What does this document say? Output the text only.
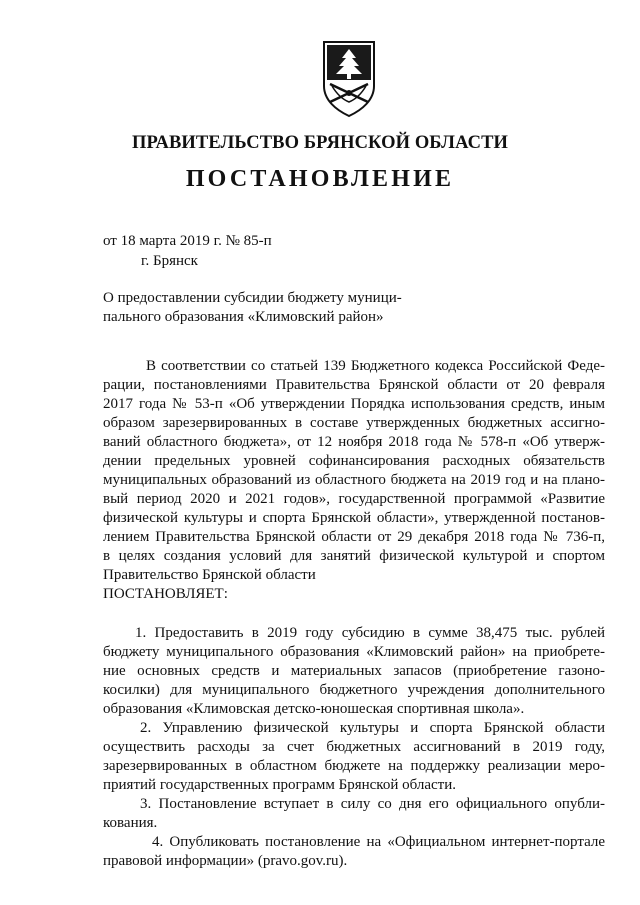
ПРАВИТЕЛЬСТВО БРЯНСКОЙ ОБЛАСТИ
ПОСТАНОВЛЕНИЕ
от 18 марта 2019 г. № 85-п
г. Брянск
О предоставлении субсидии бюджету муници-
пального образования «Климовский район»
В соответствии со статьей 139 Бюджетного кодекса Российской Феде-
рации, постановлениями Правительства Брянской области от 20 февраля
2017 года № 53-п «Об утверждении Порядка использования средств, иным
образом зарезервированных в составе утвержденных бюджетных ассигно-
ваний областного бюджета», от 12 ноября 2018 года № 578-п «Об утверж-
дении предельных уровней софинансирования расходных обязательств
муниципальных образований из областного бюджета на 2019 год и на плано-
вый период 2020 и 2021 годов», государственной программой «Развитие
физической культуры и спорта Брянской области», утвержденной постанов-
лением Правительства Брянской области от 29 декабря 2018 года № 736-п,
в целях создания условий для занятий физической культурой и спортом
Правительство Брянской области
ПОСТАНОВЛЯЕТ:
1. Предоставить в 2019 году субсидию в сумме 38,475 тыс. рублей
бюджету муниципального образования «Климовский район» на приобрете-
ние основных средств и материальных запасов (приобретение газоно-
косилки) для муниципального бюджетного учреждения дополнительного
образования «Климовская детско-юношеская спортивная школа».
2. Управлению физической культуры и спорта Брянской области
осуществить расходы за счет бюджетных ассигнований в 2019 году,
зарезервированных в областном бюджете на поддержку реализации меро-
приятий государственных программ Брянской области.
3. Постановление вступает в силу со дня его официального опубли-
кования.
4. Опубликовать постановление на «Официальном интернет-портале
правовой информации» (pravo.gov.ru).
